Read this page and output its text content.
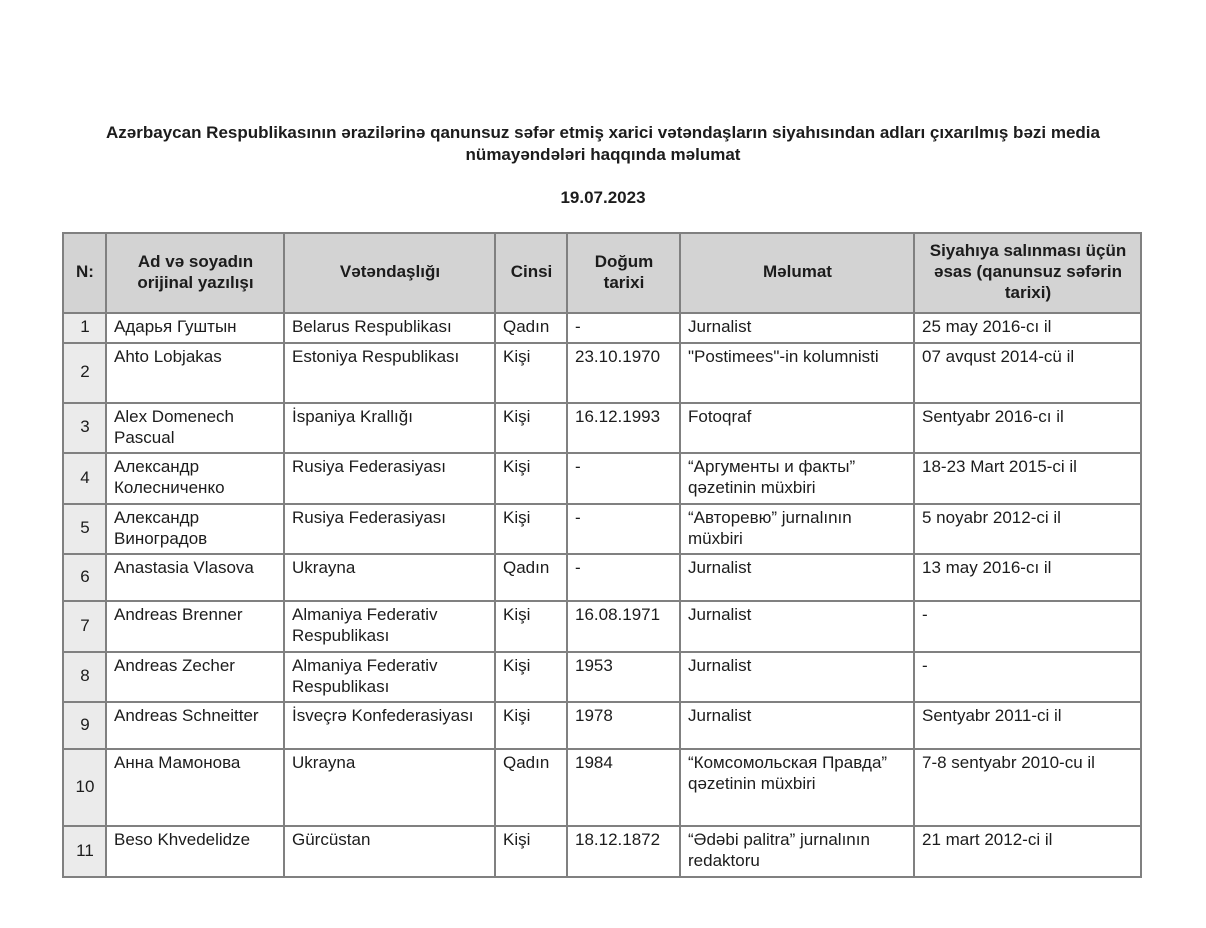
Azərbaycan Respublikasının ərazilərinə qanunsuz səfər etmiş xarici vətəndaşların siyahısından adları çıxarılmış bəzi media nümayəndələri haqqında məlumat
19.07.2023
N:	Ad və soyadın orijinal yazılışı	Vətəndaşlığı	Cinsi	Doğum tarixi	Məlumat	Siyahıya salınması üçün əsas (qanunsuz səfərin tarixi)
1	Адарья Гуштын	Belarus Respublikası	Qadın	-	Jurnalist	25 may 2016-cı il
2	Ahto Lobjakas	Estoniya Respublikası	Kişi	23.10.1970	"Postimees"-in kolumnisti	07 avqust 2014-cü il
3	Alex Domenech Pascual	İspaniya Krallığı	Kişi	16.12.1993	Fotoqraf	Sentyabr 2016-cı il
4	Александр Колесниченко	Rusiya Federasiyası	Kişi	-	“Аргументы и факты” qəzetinin müxbiri	18-23 Mart 2015-ci il
5	Александр Виноградов	Rusiya Federasiyası	Kişi	-	“Авторевю” jurnalının müxbiri	5 noyabr 2012-ci il
6	Anastasia Vlasova	Ukrayna	Qadın	-	Jurnalist	13 may 2016-cı il
7	Andreas Brenner	Almaniya Federativ Respublikası	Kişi	16.08.1971	Jurnalist	-
8	Andreas Zecher	Almaniya Federativ Respublikası	Kişi	1953	Jurnalist	-
9	Andreas Schneitter	İsveçrə Konfederasiyası	Kişi	1978	Jurnalist	Sentyabr 2011-ci il
10	Анна Мамонова	Ukrayna	Qadın	1984	“Комсомольская Правда” qəzetinin müxbiri	7-8 sentyabr 2010-cu il
11	Beso Khvedelidze	Gürcüstan	Kişi	18.12.1872	“Ədəbi palitra” jurnalının redaktoru	21 mart 2012-ci il
